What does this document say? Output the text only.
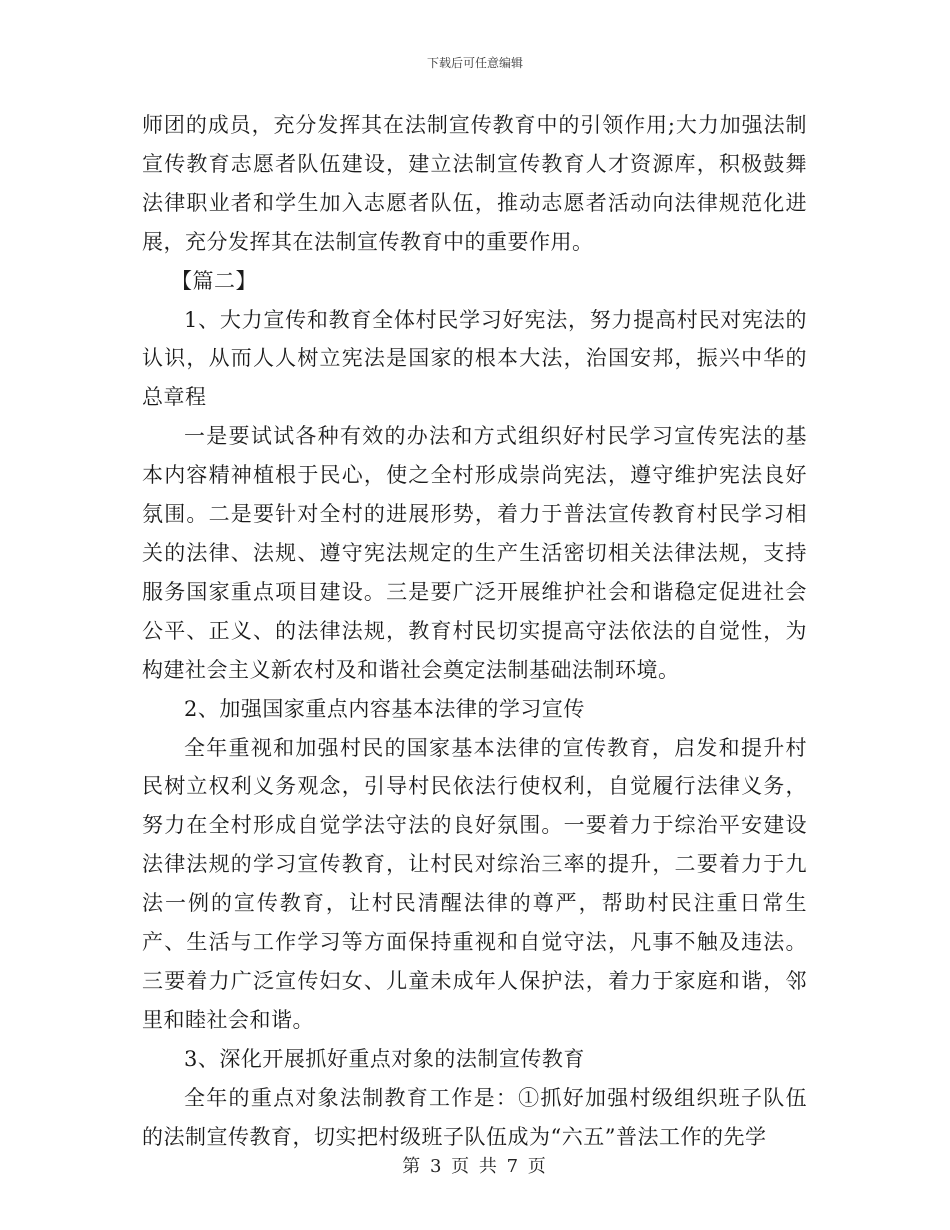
下载后可任意编辑

师团的成员，充分发挥其在法制宣传教育中的引领作用;大力加强法制宣传教育志愿者队伍建设，建立法制宣传教育人才资源库，积极鼓舞法律职业者和学生加入志愿者队伍，推动志愿者活动向法律规范化进展，充分发挥其在法制宣传教育中的重要作用。

【篇二】

1、大力宣传和教育全体村民学习好宪法，努力提高村民对宪法的认识，从而人人树立宪法是国家的根本大法，治国安邦，振兴中华的总章程

一是要试试各种有效的办法和方式组织好村民学习宣传宪法的基本内容精神植根于民心，使之全村形成崇尚宪法，遵守维护宪法良好氛围。二是要针对全村的进展形势，着力于普法宣传教育村民学习相关的法律、法规、遵守宪法规定的生产生活密切相关法律法规，支持服务国家重点项目建设。三是要广泛开展维护社会和谐稳定促进社会公平、正义、的法律法规，教育村民切实提高守法依法的自觉性，为构建社会主义新农村及和谐社会奠定法制基础法制环境。

2、加强国家重点内容基本法律的学习宣传

全年重视和加强村民的国家基本法律的宣传教育，启发和提升村民树立权利义务观念，引导村民依法行使权利，自觉履行法律义务，努力在全村形成自觉学法守法的良好氛围。一要着力于综治平安建设法律法规的学习宣传教育，让村民对综治三率的提升，二要着力于九法一例的宣传教育，让村民清醒法律的尊严，帮助村民注重日常生产、生活与工作学习等方面保持重视和自觉守法，凡事不触及违法。三要着力广泛宣传妇女、儿童未成年人保护法，着力于家庭和谐，邻里和睦社会和谐。

3、深化开展抓好重点对象的法制宣传教育

全年的重点对象法制教育工作是：①抓好加强村级组织班子队伍的法制宣传教育，切实把村级班子队伍成为“六五”普法工作的先学

第 3 页 共 7 页
